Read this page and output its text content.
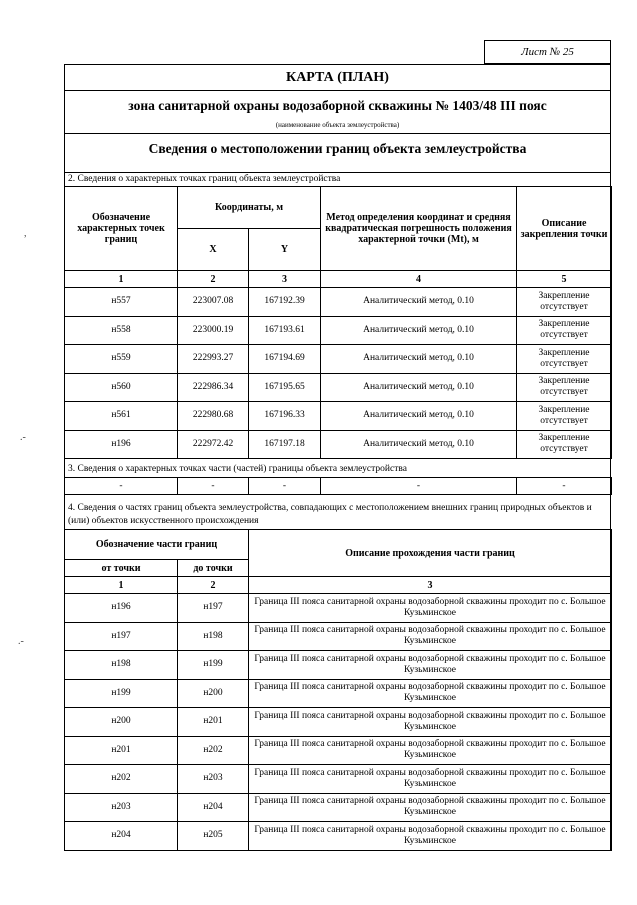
,
.-
.-
Лист № 25
КАРТА (ПЛАН)
зона санитарной охраны водозаборной скважины № 1403/48 III пояс
(наименование объекта землеустройства)
Сведения о местоположении границ объекта землеустройства
2. Сведения о характерных точках границ объекта землеустройства
Обозначение характерных точек границ	Координаты, м		Метод определения координат и средняя квадратическая погрешность положения характерной точки (Mt), м	Описание закрепления точки
	X	Y		
1	2	3	4	5
н557	223007.08	167192.39	Аналитический метод, 0.10	Закрепление отсутствует
н558	223000.19	167193.61	Аналитический метод, 0.10	Закрепление отсутствует
н559	222993.27	167194.69	Аналитический метод, 0.10	Закрепление отсутствует
н560	222986.34	167195.65	Аналитический метод, 0.10	Закрепление отсутствует
н561	222980.68	167196.33	Аналитический метод, 0.10	Закрепление отсутствует
н196	222972.42	167197.18	Аналитический метод, 0.10	Закрепление отсутствует
3. Сведения о характерных точках части (частей) границы объекта землеустройства
-	-	-	-	-
4. Сведения о частях границ объекта землеустройства, совпадающих с местоположением внешних границ природных объектов и (или) объектов искусственного происхождения
Обозначение части границ		Описание прохождения части границ
от точки	до точки	
1	2	3
н196	н197	Граница III пояса санитарной охраны водозаборной скважины проходит по с. Большое Кузьминское
н197	н198	Граница III пояса санитарной охраны водозаборной скважины проходит по с. Большое Кузьминское
н198	н199	Граница III пояса санитарной охраны водозаборной скважины проходит по с. Большое Кузьминское
н199	н200	Граница III пояса санитарной охраны водозаборной скважины проходит по с. Большое Кузьминское
н200	н201	Граница III пояса санитарной охраны водозаборной скважины проходит по с. Большое Кузьминское
н201	н202	Граница III пояса санитарной охраны водозаборной скважины проходит по с. Большое Кузьминское
н202	н203	Граница III пояса санитарной охраны водозаборной скважины проходит по с. Большое Кузьминское
н203	н204	Граница III пояса санитарной охраны водозаборной скважины проходит по с. Большое Кузьминское
н204	н205	Граница III пояса санитарной охраны водозаборной скважины проходит по с. Большое Кузьминское
